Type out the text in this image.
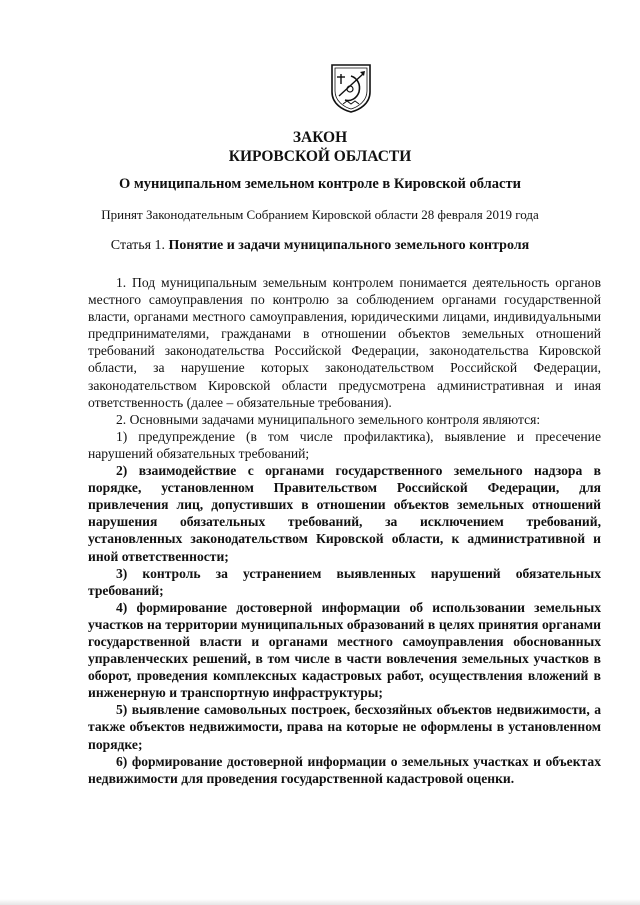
ЗАКОН
КИРОВСКОЙ ОБЛАСТИ
О муниципальном земельном контроле в Кировской области
Принят Законодательным Собранием Кировской области 28 февраля 2019 года
Статья 1. Понятие и задачи муниципального земельного контроля

1. Под муниципальным земельным контролем понимается деятельность органов местного самоуправления по контролю за соблюдением органами государственной власти, органами местного самоуправления, юридическими лицами, индивидуальными предпринимателями, гражданами в отношении объектов земельных отношений требований законодательства Российской Федерации, законодательства Кировской области, за нарушение которых законодательством Российской Федерации, законодательством Кировской области предусмотрена административная и иная ответственность (далее – обязательные требования).

2. Основными задачами муниципального земельного контроля являются:

1) предупреждение (в том числе профилактика), выявление и пресечение нарушений обязательных требований;

2) взаимодействие с органами государственного земельного надзора в порядке, установленном Правительством Российской Федерации, для привлечения лиц, допустивших в отношении объектов земельных отношений нарушения обязательных требований, за исключением требований, установленных законодательством Кировской области, к административной и иной ответственности;

3) контроль за устранением выявленных нарушений обязательных требований;

4) формирование достоверной информации об использовании земельных участков на территории муниципальных образований в целях принятия органами государственной власти и органами местного самоуправления обоснованных управленческих решений, в том числе в части вовлечения земельных участков в оборот, проведения комплексных кадастровых работ, осуществления вложений в инженерную и транспортную инфраструктуры;

5) выявление самовольных построек, бесхозяйных объектов недвижимости, а также объектов недвижимости, права на которые не оформлены в установленном порядке;

6) формирование достоверной информации о земельных участках и объектах недвижимости для проведения государственной кадастровой оценки.
